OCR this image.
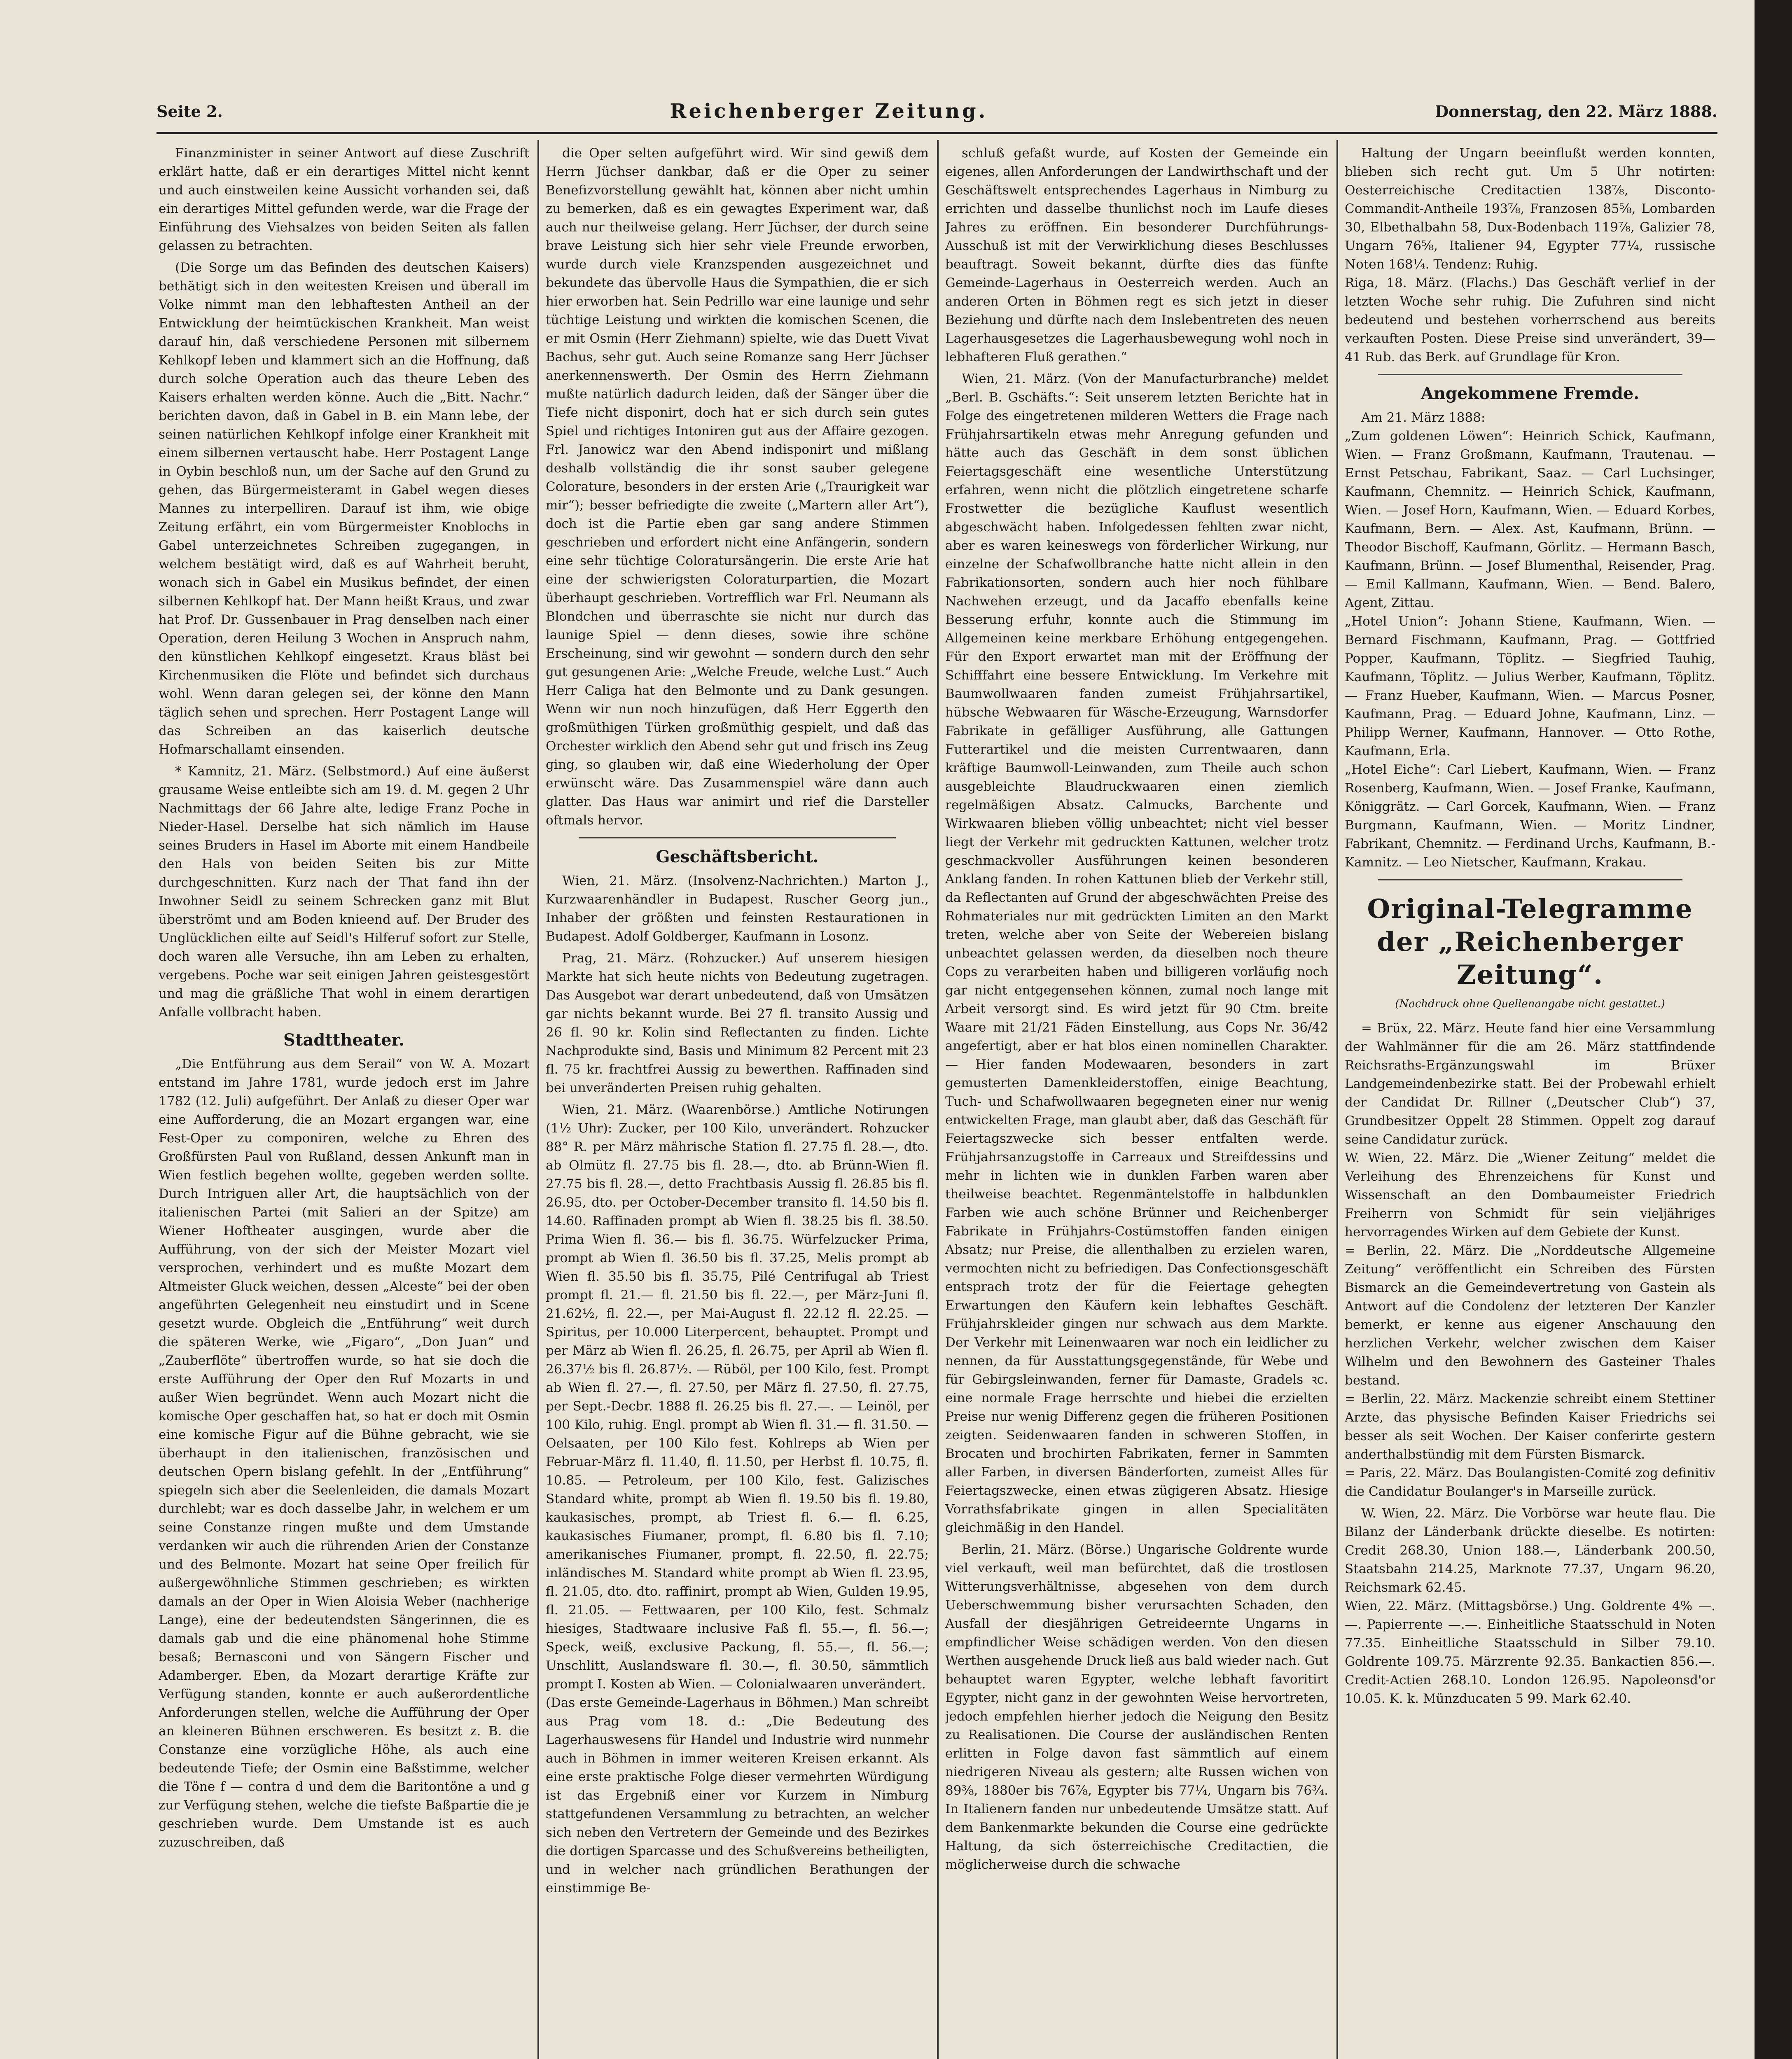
Seite 2.	Reichenberger Zeitung.	Donnerstag, den 22. März 1888.

Finanzminister in seiner Antwort auf diese Zuschrift erklärt hatte, daß er ein derartiges Mittel nicht kennt und auch einstweilen keine Aussicht vorhanden sei, daß ein derartiges Mittel gefunden werde, war die Frage der Einführung des Viehsalzes von beiden Seiten als fallen gelassen zu betrachten.

(Die Sorge um das Befinden des deutschen Kaisers) bethätigt sich in den weitesten Kreisen und überall im Volke nimmt man den lebhaftesten Antheil an der Entwicklung der heimtückischen Krankheit. Man weist darauf hin, daß verschiedene Personen mit silbernem Kehlkopf leben und klammert sich an die Hoffnung, daß durch solche Operation auch das theure Leben des Kaisers erhalten werden könne. Auch die „Bitt. Nachr.“ berichten davon, daß in Gabel in B. ein Mann lebe, der seinen natürlichen Kehlkopf infolge einer Krankheit mit einem silbernen vertauscht habe. Herr Postagent Lange in Oybin beschloß nun, um der Sache auf den Grund zu gehen, das Bürgermeisteramt in Gabel wegen dieses Mannes zu interpelliren. Darauf ist ihm, wie obige Zeitung erfährt, ein vom Bürgermeister Knoblochs in Gabel unterzeichnetes Schreiben zugegangen, in welchem bestätigt wird, daß es auf Wahrheit beruht, wonach sich in Gabel ein Musikus befindet, der einen silbernen Kehlkopf hat. Der Mann heißt Kraus, und zwar hat Prof. Dr. Gussenbauer in Prag denselben nach einer Operation, deren Heilung 3 Wochen in Anspruch nahm, den künstlichen Kehlkopf eingesetzt. Kraus bläst bei Kirchenmusiken die Flöte und befindet sich durchaus wohl. Wenn daran gelegen sei, der könne den Mann täglich sehen und sprechen. Herr Postagent Lange will das Schreiben an das kaiserlich deutsche Hofmarschallamt einsenden.

* Kamnitz, 21. März. (Selbstmord.) Auf eine äußerst grausame Weise entleibte sich am 19. d. M. gegen 2 Uhr Nachmittags der 66 Jahre alte, ledige Franz Poche in Nieder-Hasel. Derselbe hat sich nämlich im Hause seines Bruders in Hasel im Aborte mit einem Handbeile den Hals von beiden Seiten bis zur Mitte durchgeschnitten. Kurz nach der That fand ihn der Inwohner Seidl zu seinem Schrecken ganz mit Blut überströmt und am Boden knieend auf. Der Bruder des Unglücklichen eilte auf Seidl's Hilferuf sofort zur Stelle, doch waren alle Versuche, ihn am Leben zu erhalten, vergebens. Poche war seit einigen Jahren geistesgestört und mag die gräßliche That wohl in einem derartigen Anfalle vollbracht haben.

Stadttheater.

„Die Entführung aus dem Serail“ von W. A. Mozart entstand im Jahre 1781, wurde jedoch erst im Jahre 1782 (12. Juli) aufgeführt. Der Anlaß zu dieser Oper war eine Aufforderung, die an Mozart ergangen war, eine Fest-Oper zu componiren, welche zu Ehren des Großfürsten Paul von Rußland, dessen Ankunft man in Wien festlich begehen wollte, gegeben werden sollte. Durch Intriguen aller Art, die hauptsächlich von der italienischen Partei (mit Salieri an der Spitze) am Wiener Hoftheater ausgingen, wurde aber die Aufführung, von der sich der Meister Mozart viel versprochen, verhindert und es mußte Mozart dem Altmeister Gluck weichen, dessen „Alceste“ bei der oben angeführten Gelegenheit neu einstudirt und in Scene gesetzt wurde. Obgleich die „Entführung“ weit durch die späteren Werke, wie „Figaro“, „Don Juan“ und „Zauberflöte“ übertroffen wurde, so hat sie doch die erste Aufführung der Oper den Ruf Mozarts in und außer Wien begründet. Wenn auch Mozart nicht die komische Oper geschaffen hat, so hat er doch mit Osmin eine komische Figur auf die Bühne gebracht, wie sie überhaupt in den italienischen, französischen und deutschen Opern bislang gefehlt. In der „Entführung“ spiegeln sich aber die Seelenleiden, die damals Mozart durchlebt; war es doch dasselbe Jahr, in welchem er um seine Constanze ringen mußte und dem Umstande verdanken wir auch die rührenden Arien der Constanze und des Belmonte. Mozart hat seine Oper freilich für außergewöhnliche Stimmen geschrieben; es wirkten damals an der Oper in Wien Aloisia Weber (nachherige Lange), eine der bedeutendsten Sängerinnen, die es damals gab und die eine phänomenal hohe Stimme besaß; Bernasconi und von Sängern Fischer und Adamberger. Eben, da Mozart derartige Kräfte zur Verfügung standen, konnte er auch außerordentliche Anforderungen stellen, welche die Aufführung der Oper an kleineren Bühnen erschweren. Es besitzt z. B. die Constanze eine vorzügliche Höhe, als auch eine bedeutende Tiefe; der Osmin eine Baßstimme, welcher die Töne f — contra d und dem die Baritontöne a und g zur Verfügung stehen, welche die tiefste Baßpartie die je geschrieben wurde. Dem Umstande ist es auch zuzuschreiben, daß

die Oper selten aufgeführt wird. Wir sind gewiß dem Herrn Jüchser dankbar, daß er die Oper zu seiner Benefizvorstellung gewählt hat, können aber nicht umhin zu bemerken, daß es ein gewagtes Experiment war, daß auch nur theilweise gelang. Herr Jüchser, der durch seine brave Leistung sich hier sehr viele Freunde erworben, wurde durch viele Kranzspenden ausgezeichnet und bekundete das übervolle Haus die Sympathien, die er sich hier erworben hat. Sein Pedrillo war eine launige und sehr tüchtige Leistung und wirkten die komischen Scenen, die er mit Osmin (Herr Ziehmann) spielte, wie das Duett Vivat Bachus, sehr gut. Auch seine Romanze sang Herr Jüchser anerkennenswerth. Der Osmin des Herrn Ziehmann mußte natürlich dadurch leiden, daß der Sänger über die Tiefe nicht disponirt, doch hat er sich durch sein gutes Spiel und richtiges Intoniren gut aus der Affaire gezogen. Frl. Janowicz war den Abend indisponirt und mißlang deshalb vollständig die ihr sonst sauber gelegene Colorature, besonders in der ersten Arie („Traurigkeit war mir“); besser befriedigte die zweite („Martern aller Art“), doch ist die Partie eben gar sang andere Stimmen geschrieben und erfordert nicht eine Anfängerin, sondern eine sehr tüchtige Coloratursängerin. Die erste Arie hat eine der schwierigsten Coloraturpartien, die Mozart überhaupt geschrieben. Vortrefflich war Frl. Neumann als Blondchen und überraschte sie nicht nur durch das launige Spiel — denn dieses, sowie ihre schöne Erscheinung, sind wir gewohnt — sondern durch den sehr gut gesungenen Arie: „Welche Freude, welche Lust.“ Auch Herr Caliga hat den Belmonte und zu Dank gesungen. Wenn wir nun noch hinzufügen, daß Herr Eggerth den großmüthigen Türken großmüthig gespielt, und daß das Orchester wirklich den Abend sehr gut und frisch ins Zeug ging, so glauben wir, daß eine Wiederholung der Oper erwünscht wäre. Das Zusammenspiel wäre dann auch glatter. Das Haus war animirt und rief die Darsteller oftmals hervor.

Geschäftsbericht.

Wien, 21. März. (Insolvenz-Nachrichten.) Marton J., Kurzwaarenhändler in Budapest. Ruscher Georg jun., Inhaber der größten und feinsten Restaurationen in Budapest. Adolf Goldberger, Kaufmann in Losonz.

Prag, 21. März. (Rohzucker.) Auf unserem hiesigen Markte hat sich heute nichts von Bedeutung zugetragen. Das Ausgebot war derart unbedeutend, daß von Umsätzen gar nichts bekannt wurde. Bei 27 fl. transito Aussig und 26 fl. 90 kr. Kolin sind Reflectanten zu finden. Lichte Nachprodukte sind, Basis und Minimum 82 Percent mit 23 fl. 75 kr. frachtfrei Aussig zu bewerthen. Raffinaden sind bei unveränderten Preisen ruhig gehalten.

Wien, 21. März. (Waarenbörse.) Amtliche Notirungen (1½ Uhr): Zucker, per 100 Kilo, unverändert. Rohzucker 88° R. per März mährische Station fl. 27.75 fl. 28.—, dto. ab Olmütz fl. 27.75 bis fl. 28.—, dto. ab Brünn-Wien fl. 27.75 bis fl. 28.—, detto Frachtbasis Aussig fl. 26.85 bis fl. 26.95, dto. per October-December transito fl. 14.50 bis fl. 14.60. Raffinaden prompt ab Wien fl. 38.25 bis fl. 38.50. Prima Wien fl. 36.— bis fl. 36.75. Würfelzucker Prima, prompt ab Wien fl. 36.50 bis fl. 37.25, Melis prompt ab Wien fl. 35.50 bis fl. 35.75, Pilé Centrifugal ab Triest prompt fl. 21.— fl. 21.50 bis fl. 22.—, per März-Juni fl. 21.62½, fl. 22.—, per Mai-August fl. 22.12 fl. 22.25. — Spiritus, per 10.000 Literpercent, behauptet. Prompt und per März ab Wien fl. 26.25, fl. 26.75, per April ab Wien fl. 26.37½ bis fl. 26.87½. — Rüböl, per 100 Kilo, fest. Prompt ab Wien fl. 27.—, fl. 27.50, per März fl. 27.50, fl. 27.75, per Sept.-Decbr. 1888 fl. 26.25 bis fl. 27.—. — Leinöl, per 100 Kilo, ruhig. Engl. prompt ab Wien fl. 31.— fl. 31.50. — Oelsaaten, per 100 Kilo fest. Kohlreps ab Wien per Februar-März fl. 11.40, fl. 11.50, per Herbst fl. 10.75, fl. 10.85. — Petroleum, per 100 Kilo, fest. Galizisches Standard white, prompt ab Wien fl. 19.50 bis fl. 19.80, kaukasisches, prompt, ab Triest fl. 6.— fl. 6.25, kaukasisches Fiumaner, prompt, fl. 6.80 bis fl. 7.10; amerikanisches Fiumaner, prompt, fl. 22.50, fl. 22.75; inländisches M. Standard white prompt ab Wien fl. 23.95, fl. 21.05, dto. dto. raffinirt, prompt ab Wien, Gulden 19.95, fl. 21.05. — Fettwaaren, per 100 Kilo, fest. Schmalz hiesiges, Stadtwaare inclusive Faß fl. 55.—, fl. 56.—; Speck, weiß, exclusive Packung, fl. 55.—, fl. 56.—; Unschlitt, Auslandsware fl. 30.—, fl. 30.50, sämmtlich prompt I. Kosten ab Wien. — Colonialwaaren unverändert.
(Das erste Gemeinde-Lagerhaus in Böhmen.) Man schreibt aus Prag vom 18. d.: „Die Bedeutung des Lagerhauswesens für Handel und Industrie wird nunmehr auch in Böhmen in immer weiteren Kreisen erkannt. Als eine erste praktische Folge dieser vermehrten Würdigung ist das Ergebniß einer vor Kurzem in Nimburg stattgefundenen Versammlung zu betrachten, an welcher sich neben den Vertretern der Gemeinde und des Bezirkes die dortigen Sparcasse und des Schußvereins betheiligten, und in welcher nach gründlichen Berathungen der einstimmige Be-

schluß gefaßt wurde, auf Kosten der Gemeinde ein eigenes, allen Anforderungen der Landwirthschaft und der Geschäftswelt entsprechendes Lagerhaus in Nimburg zu errichten und dasselbe thunlichst noch im Laufe dieses Jahres zu eröffnen. Ein besonderer Durchführungs-Ausschuß ist mit der Verwirklichung dieses Beschlusses beauftragt. Soweit bekannt, dürfte dies das fünfte Gemeinde-Lagerhaus in Oesterreich werden. Auch an anderen Orten in Böhmen regt es sich jetzt in dieser Beziehung und dürfte nach dem Inslebentreten des neuen Lagerhausgesetzes die Lagerhausbewegung wohl noch in lebhafteren Fluß gerathen.“

Wien, 21. März. (Von der Manufacturbranche) meldet „Berl. B. Gschäfts.“: Seit unserem letzten Berichte hat in Folge des eingetretenen milderen Wetters die Frage nach Frühjahrsartikeln etwas mehr Anregung gefunden und hätte auch das Geschäft in dem sonst üblichen Feiertagsgeschäft eine wesentliche Unterstützung erfahren, wenn nicht die plötzlich eingetretene scharfe Frostwetter die bezügliche Kauflust wesentlich abgeschwächt haben. Infolgedessen fehlten zwar nicht, aber es waren keineswegs von förderlicher Wirkung, nur einzelne der Schafwollbranche hatte nicht allein in den Fabrikationsorten, sondern auch hier noch fühlbare Nachwehen erzeugt, und da Jacaffo ebenfalls keine Besserung erfuhr, konnte auch die Stimmung im Allgemeinen keine merkbare Erhöhung entgegengehen. Für den Export erwartet man mit der Eröffnung der Schifffahrt eine bessere Entwicklung. Im Verkehre mit Baumwollwaaren fanden zumeist Frühjahrsartikel, hübsche Webwaaren für Wäsche-Erzeugung, Warnsdorfer Fabrikate in gefälliger Ausführung, alle Gattungen Futterartikel und die meisten Currentwaaren, dann kräftige Baumwoll-Leinwanden, zum Theile auch schon ausgebleichte Blaudruckwaaren einen ziemlich regelmäßigen Absatz. Calmucks, Barchente und Wirkwaaren blieben völlig unbeachtet; nicht viel besser liegt der Verkehr mit gedruckten Kattunen, welcher trotz geschmackvoller Ausführungen keinen besonderen Anklang fanden. In rohen Kattunen blieb der Verkehr still, da Reflectanten auf Grund der abgeschwächten Preise des Rohmateriales nur mit gedrückten Limiten an den Markt treten, welche aber von Seite der Webereien bislang unbeachtet gelassen werden, da dieselben noch theure Cops zu verarbeiten haben und billigeren vorläufig noch gar nicht entgegensehen können, zumal noch lange mit Arbeit versorgt sind. Es wird jetzt für 90 Ctm. breite Waare mit 21/21 Fäden Einstellung, aus Cops Nr. 36/42 angefertigt, aber er hat blos einen nominellen Charakter. — Hier fanden Modewaaren, besonders in zart gemusterten Damenkleiderstoffen, einige Beachtung, Tuch- und Schafwollwaaren begegneten einer nur wenig entwickelten Frage, man glaubt aber, daß das Geschäft für Feiertagszwecke sich besser entfalten werde. Frühjahrsanzugstoffe in Carreaux und Streifdessins und mehr in lichten wie in dunklen Farben waren aber theilweise beachtet. Regenmäntelstoffe in halbdunklen Farben wie auch schöne Brünner und Reichenberger Fabrikate in Frühjahrs-Costümstoffen fanden einigen Absatz; nur Preise, die allenthalben zu erzielen waren, vermochten nicht zu befriedigen. Das Confectionsgeschäft entsprach trotz der für die Feiertage gehegten Erwartungen den Käufern kein lebhaftes Geschäft. Frühjahrskleider gingen nur schwach aus dem Markte. Der Verkehr mit Leinenwaaren war noch ein leidlicher zu nennen, da für Ausstattungsgegenstände, für Webe und für Gebirgsleinwanden, ferner für Damaste, Gradels ꝛc. eine normale Frage herrschte und hiebei die erzielten Preise nur wenig Differenz gegen die früheren Positionen zeigten. Seidenwaaren fanden in schweren Stoffen, in Brocaten und brochirten Fabrikaten, ferner in Sammten aller Farben, in diversen Bänderforten, zumeist Alles für Feiertagszwecke, einen etwas zügigeren Absatz. Hiesige Vorrathsfabrikate gingen in allen Specialitäten gleichmäßig in den Handel.

Berlin, 21. März. (Börse.) Ungarische Goldrente wurde viel verkauft, weil man befürchtet, daß die trostlosen Witterungsverhältnisse, abgesehen von dem durch Ueberschwemmung bisher verursachten Schaden, den Ausfall der diesjährigen Getreideernte Ungarns in empfindlicher Weise schädigen werden. Von den diesen Werthen ausgehende Druck ließ aus bald wieder nach. Gut behauptet waren Egypter, welche lebhaft favoritirt Egypter, nicht ganz in der gewohnten Weise hervortreten, jedoch empfehlen hierher jedoch die Neigung den Besitz zu Realisationen. Die Course der ausländischen Renten erlitten in Folge davon fast sämmtlich auf einem niedrigeren Niveau als gestern; alte Russen wichen von 89⅜, 1880er bis 76⅞, Egypter bis 77¼, Ungarn bis 76¾. In Italienern fanden nur unbedeutende Umsätze statt. Auf dem Bankenmarkte bekunden die Course eine gedrückte Haltung, da sich österreichische Creditactien, die möglicherweise durch die schwache

Haltung der Ungarn beeinflußt werden konnten, blieben sich recht gut. Um 5 Uhr notirten: Oesterreichische Creditactien 138⅞, Disconto-Commandit-Antheile 193⅞, Franzosen 85⅝, Lombarden 30, Elbethalbahn 58, Dux-Bodenbach 119⅞, Galizier 78, Ungarn 76⅝, Italiener 94, Egypter 77¼, russische Noten 168¼. Tendenz: Ruhig.
Riga, 18. März. (Flachs.) Das Geschäft verlief in der letzten Woche sehr ruhig. Die Zufuhren sind nicht bedeutend und bestehen vorherrschend aus bereits verkauften Posten. Diese Preise sind unverändert, 39—41 Rub. das Berk. auf Grundlage für Kron.

Angekommene Fremde.

Am 21. März 1888:
„Zum goldenen Löwen“: Heinrich Schick, Kaufmann, Wien. — Franz Großmann, Kaufmann, Trautenau. — Ernst Petschau, Fabrikant, Saaz. — Carl Luchsinger, Kaufmann, Chemnitz. — Heinrich Schick, Kaufmann, Wien. — Josef Horn, Kaufmann, Wien. — Eduard Korbes, Kaufmann, Bern. — Alex. Ast, Kaufmann, Brünn. — Theodor Bischoff, Kaufmann, Görlitz. — Hermann Basch, Kaufmann, Brünn. — Josef Blumenthal, Reisender, Prag. — Emil Kallmann, Kaufmann, Wien. — Bend. Balero, Agent, Zittau.
„Hotel Union“: Johann Stiene, Kaufmann, Wien. — Bernard Fischmann, Kaufmann, Prag. — Gottfried Popper, Kaufmann, Töplitz. — Siegfried Tauhig, Kaufmann, Töplitz. — Julius Werber, Kaufmann, Töplitz. — Franz Hueber, Kaufmann, Wien. — Marcus Posner, Kaufmann, Prag. — Eduard Johne, Kaufmann, Linz. — Philipp Werner, Kaufmann, Hannover. — Otto Rothe, Kaufmann, Erla.
„Hotel Eiche“: Carl Liebert, Kaufmann, Wien. — Franz Rosenberg, Kaufmann, Wien. — Josef Franke, Kaufmann, Königgrätz. — Carl Gorcek, Kaufmann, Wien. — Franz Burgmann, Kaufmann, Wien. — Moritz Lindner, Fabrikant, Chemnitz. — Ferdinand Urchs, Kaufmann, B.-Kamnitz. — Leo Nietscher, Kaufmann, Krakau.

Original-Telegramme der „Reichenberger Zeitung“.
(Nachdruck ohne Quellenangabe nicht gestattet.)

= Brüx, 22. März. Heute fand hier eine Versammlung der Wahlmänner für die am 26. März stattfindende Reichsraths-Ergänzungswahl im Brüxer Landgemeindenbezirke statt. Bei der Probewahl erhielt der Candidat Dr. Rillner („Deutscher Club“) 37, Grundbesitzer Oppelt 28 Stimmen. Oppelt zog darauf seine Candidatur zurück.
W. Wien, 22. März. Die „Wiener Zeitung“ meldet die Verleihung des Ehrenzeichens für Kunst und Wissenschaft an den Dombaumeister Friedrich Freiherrn von Schmidt für sein vieljähriges hervorragendes Wirken auf dem Gebiete der Kunst.
= Berlin, 22. März. Die „Norddeutsche Allgemeine Zeitung“ veröffentlicht ein Schreiben des Fürsten Bismarck an die Gemeindevertretung von Gastein als Antwort auf die Condolenz der letzteren Der Kanzler bemerkt, er kenne aus eigener Anschauung den herzlichen Verkehr, welcher zwischen dem Kaiser Wilhelm und den Bewohnern des Gasteiner Thales bestand.
= Berlin, 22. März. Mackenzie schreibt einem Stettiner Arzte, das physische Befinden Kaiser Friedrichs sei besser als seit Wochen. Der Kaiser conferirte gestern anderthalbstündig mit dem Fürsten Bismarck.
= Paris, 22. März. Das Boulangisten-Comité zog definitiv die Candidatur Boulanger's in Marseille zurück.

W. Wien, 22. März. Die Vorbörse war heute flau. Die Bilanz der Länderbank drückte dieselbe. Es notirten: Credit 268.30, Union 188.—, Länderbank 200.50, Staatsbahn 214.25, Marknote 77.37, Ungarn 96.20, Reichsmark 62.45.
Wien, 22. März. (Mittagsbörse.) Ung. Goldrente 4% —.—. Papierrente —.—. Einheitliche Staatsschuld in Noten 77.35. Einheitliche Staatsschuld in Silber 79.10. Goldrente 109.75. Märzrente 92.35. Bankactien 856.—. Credit-Actien 268.10. London 126.95. Napoleonsd'or 10.05. K. k. Münzducaten 5 99. Mark 62.40.
